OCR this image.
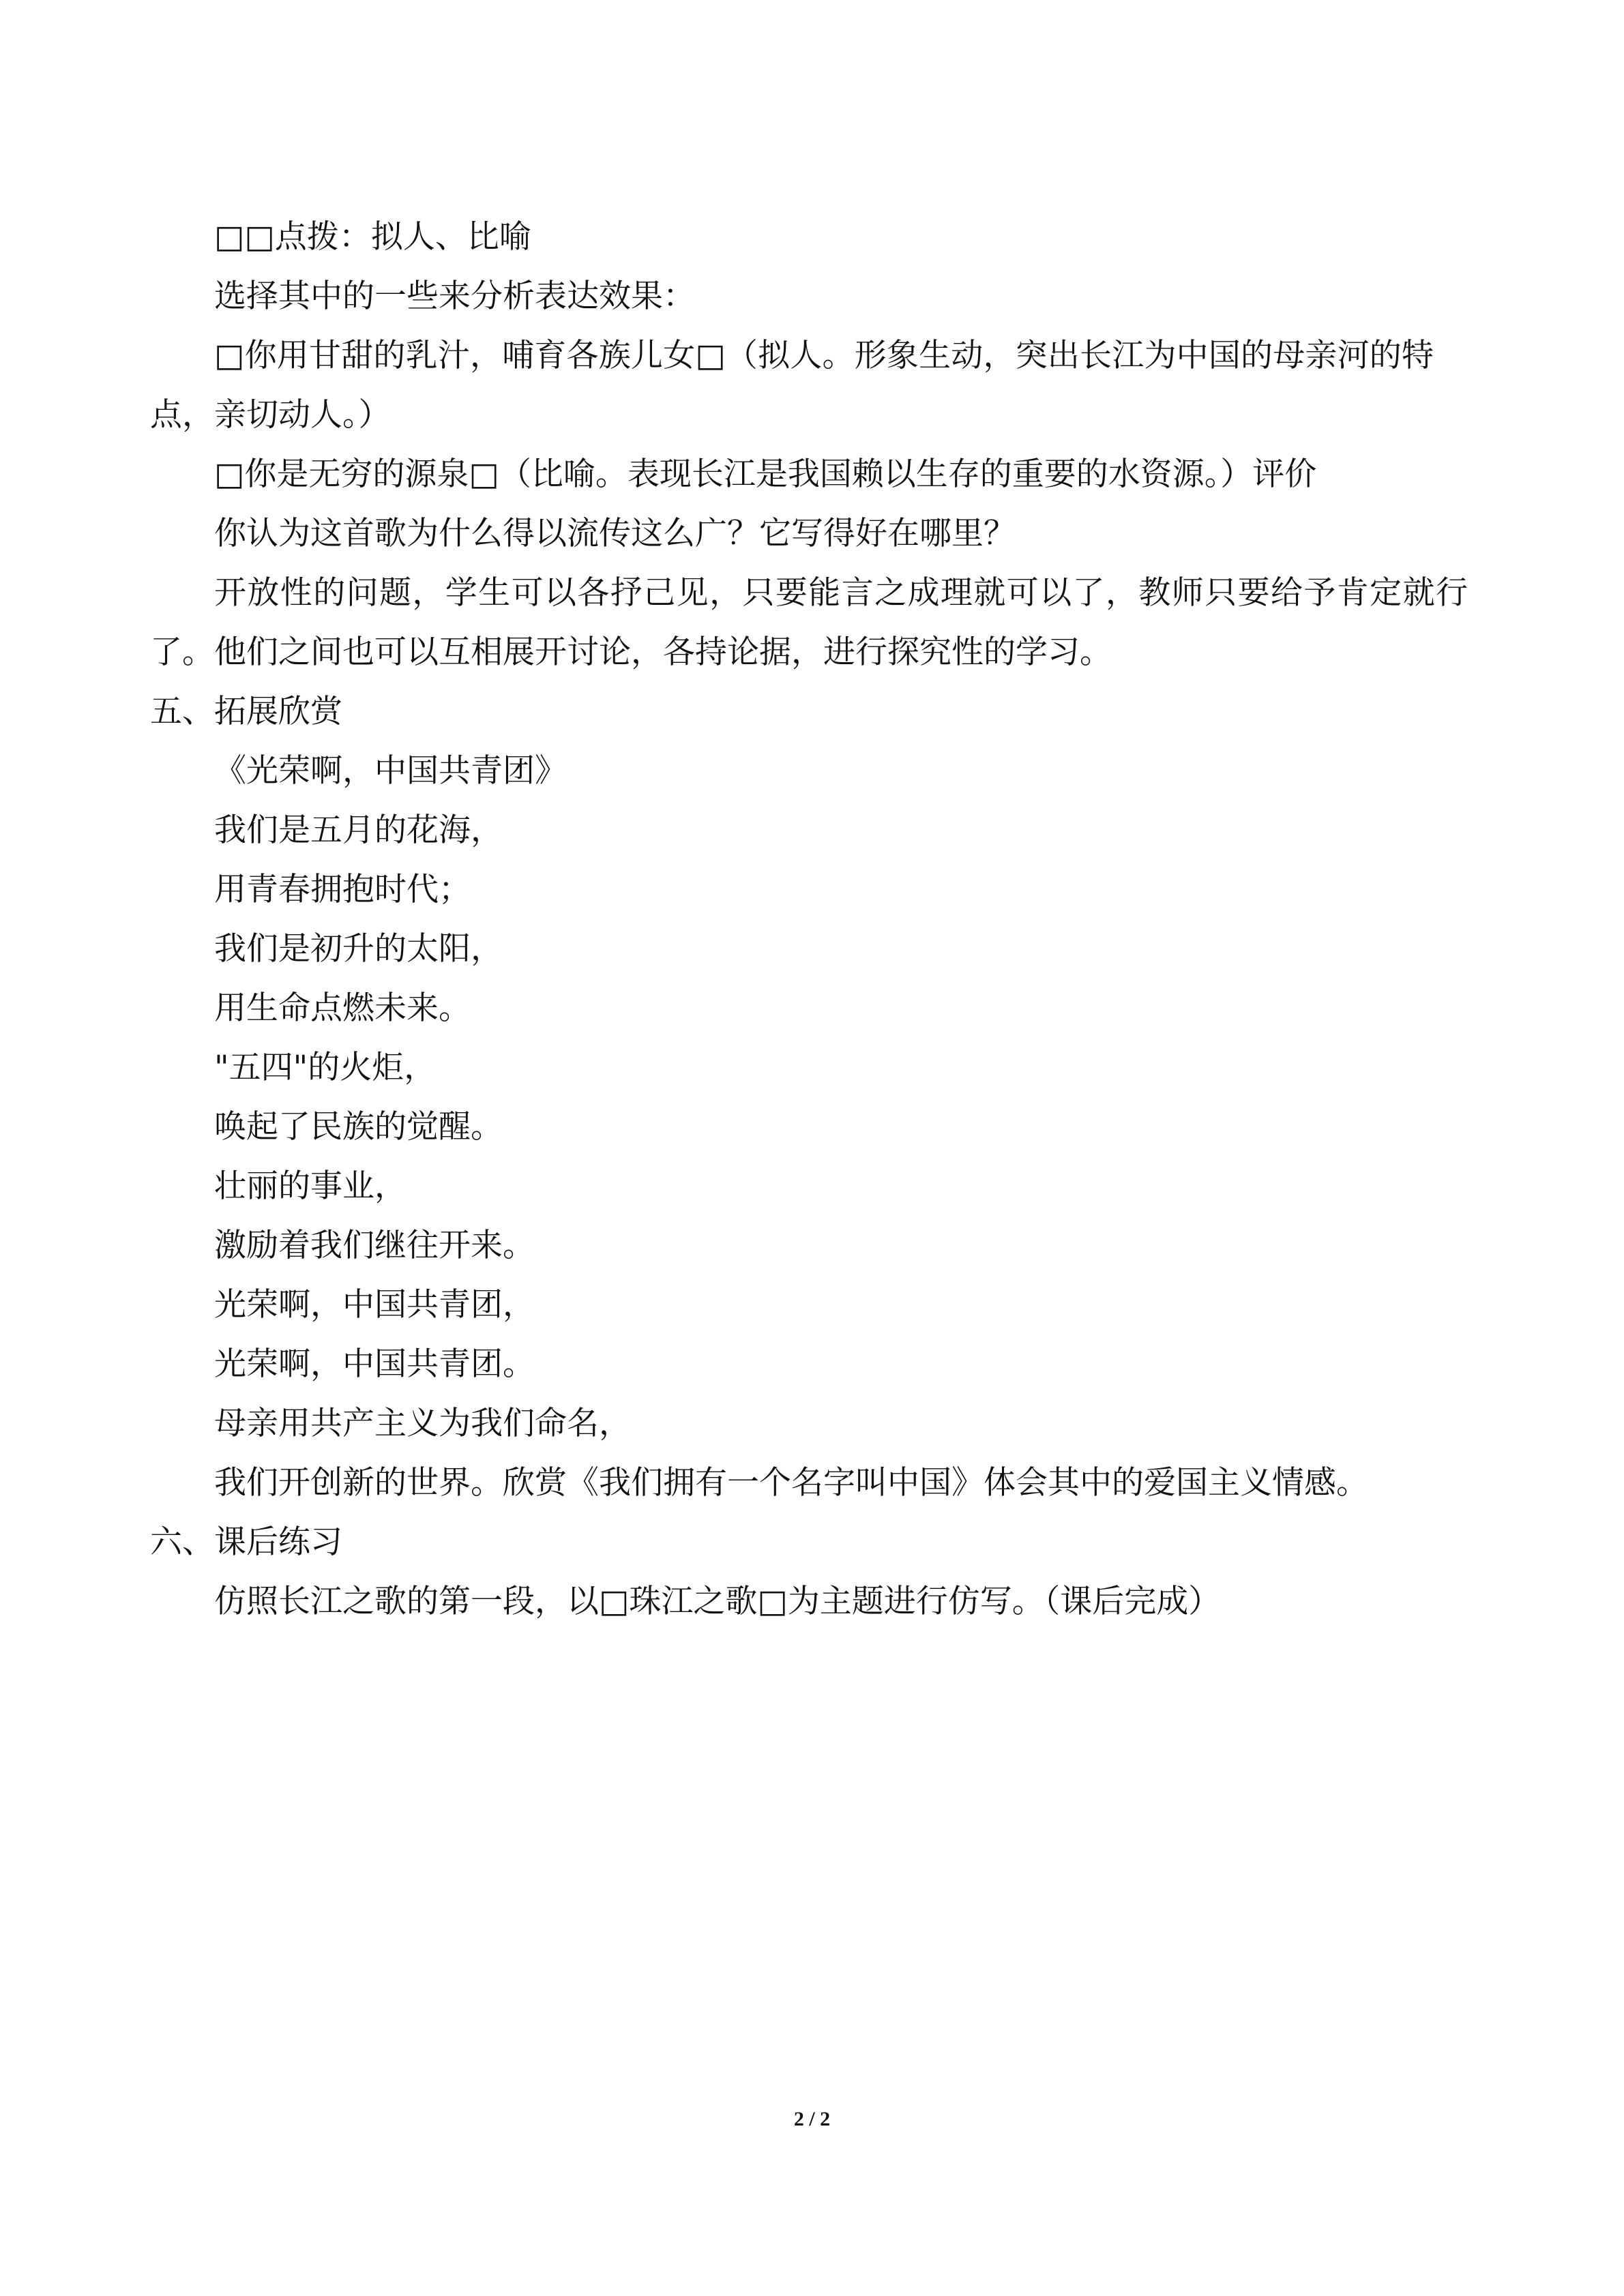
□□点拨：拟人、比喻

选择其中的一些来分析表达效果：

□你用甘甜的乳汁，哺育各族儿女□（拟人。形象生动，突出长江为中国的母亲河的特

点，亲切动人。）

□你是无穷的源泉□（比喻。表现长江是我国赖以生存的重要的水资源。）评价

你认为这首歌为什么得以流传这么广？它写得好在哪里？

开放性的问题，学生可以各抒己见，只要能言之成理就可以了，教师只要给予肯定就行

了。他们之间也可以互相展开讨论，各持论据，进行探究性的学习。

五、拓展欣赏

《光荣啊，中国共青团》

我们是五月的花海，

用青春拥抱时代；

我们是初升的太阳，

用生命点燃未来。

"五四"的火炬，

唤起了民族的觉醒。

壮丽的事业，

激励着我们继往开来。

光荣啊，中国共青团，

光荣啊，中国共青团。

母亲用共产主义为我们命名，

我们开创新的世界。欣赏《我们拥有一个名字叫中国》体会其中的爱国主义情感。

六、课后练习

仿照长江之歌的第一段，以□珠江之歌□为主题进行仿写。（课后完成）

2 / 2
